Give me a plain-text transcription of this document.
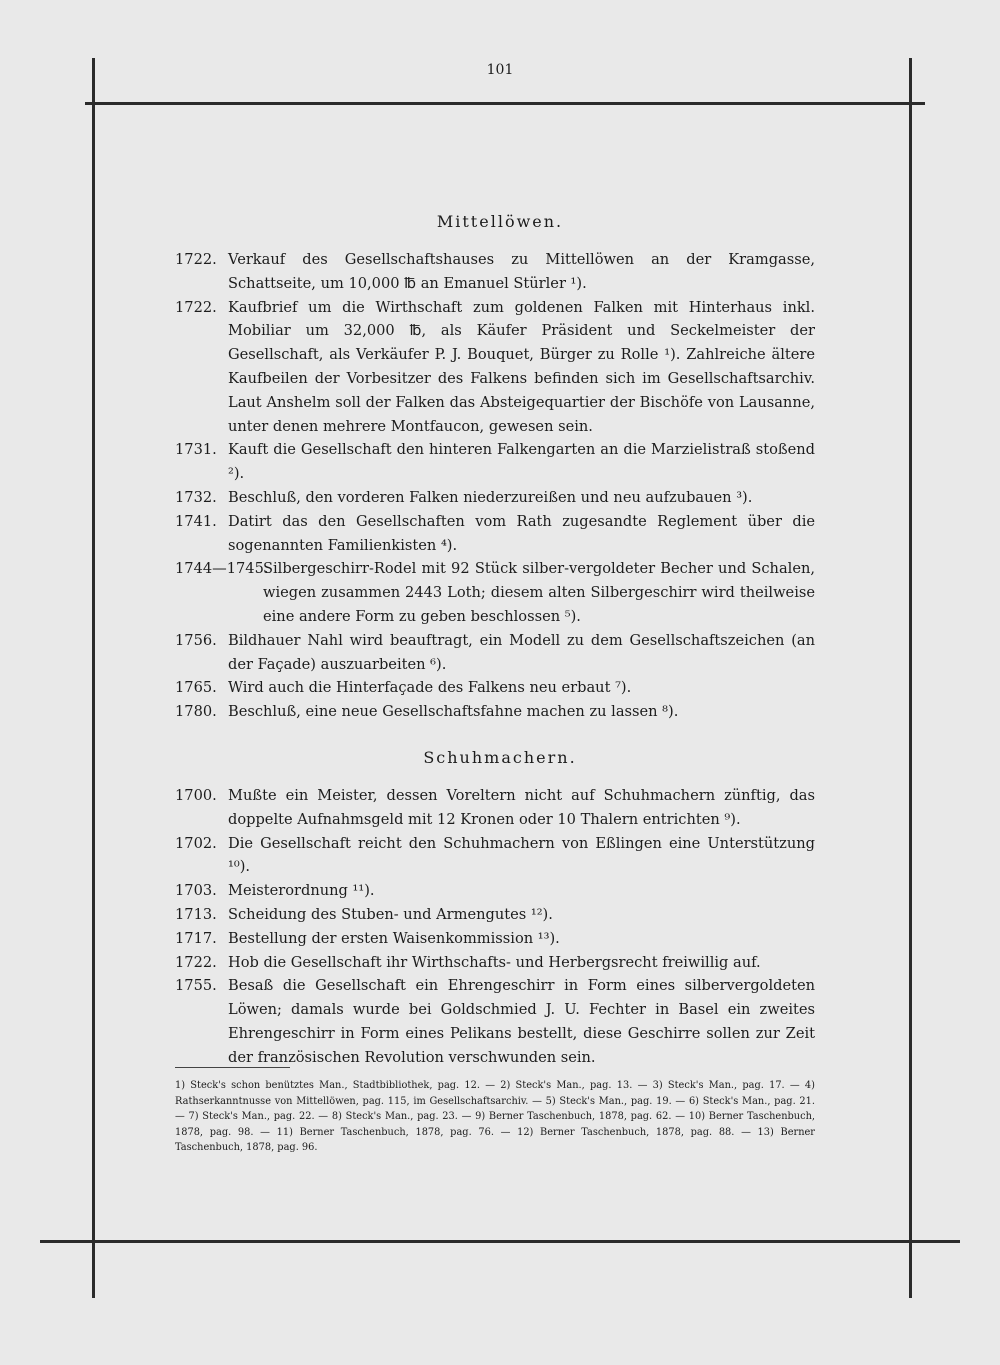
101
Mittellöwen.
1722. Verkauf des Gesellschaftshauses zu Mittellöwen an der Kramgasse, Schattseite, um 10,000 ℔ an Emanuel Stürler ¹).
1722. Kaufbrief um die Wirthschaft zum goldenen Falken mit Hinterhaus inkl. Mobiliar um 32,000 ℔, als Käufer Präsident und Seckelmeister der Gesellschaft, als Verkäufer P. J. Bouquet, Bürger zu Rolle ¹). Zahlreiche ältere Kaufbeilen der Vorbesitzer des Falkens befinden sich im Gesellschaftsarchiv. Laut Anshelm soll der Falken das Absteigequartier der Bischöfe von Lausanne, unter denen mehrere Montfaucon, gewesen sein.
1731. Kauft die Gesellschaft den hinteren Falkengarten an die Marzielistraß stoßend ²).
1732. Beschluß, den vorderen Falken niederzureißen und neu aufzubauen ³).
1741. Datirt das den Gesellschaften vom Rath zugesandte Reglement über die sogenannten Familienkisten ⁴).
1744—1745.
Silbergeschirr-Rodel mit 92 Stück silber-vergoldeter Becher und Schalen, wiegen zusammen 2443 Loth; diesem alten Silbergeschirr wird theilweise eine andere Form zu geben beschlossen ⁵).
1756. Bildhauer Nahl wird beauftragt, ein Modell zu dem Gesellschaftszeichen (an der Façade) auszuarbeiten ⁶).
1765. Wird auch die Hinterfaçade des Falkens neu erbaut ⁷).
1780. Beschluß, eine neue Gesellschaftsfahne machen zu lassen ⁸).
Schuhmachern.
1700. Mußte ein Meister, dessen Voreltern nicht auf Schuhmachern zünftig, das doppelte Aufnahmsgeld mit 12 Kronen oder 10 Thalern entrichten ⁹).
1702. Die Gesellschaft reicht den Schuhmachern von Eßlingen eine Unterstützung ¹⁰).
1703. Meisterordnung ¹¹).
1713. Scheidung des Stuben- und Armengutes ¹²).
1717. Bestellung der ersten Waisenkommission ¹³).
1722. Hob die Gesellschaft ihr Wirthschafts- und Herbergsrecht freiwillig auf.
1755. Besaß die Gesellschaft ein Ehrengeschirr in Form eines silbervergoldeten Löwen; damals wurde bei Goldschmied J. U. Fechter in Basel ein zweites Ehrengeschirr in Form eines Pelikans bestellt, diese Geschirre sollen zur Zeit der französischen Revolution verschwunden sein.
1) Steck's schon benütztes Man., Stadtbibliothek, pag. 12. — 2) Steck's Man., pag. 13. — 3) Steck's Man., pag. 17. — 4) Rathserkanntnusse von Mittellöwen, pag. 115, im Gesellschaftsarchiv. — 5) Steck's Man., pag. 19. — 6) Steck's Man., pag. 21. — 7) Steck's Man., pag. 22. — 8) Steck's Man., pag. 23. — 9) Berner Taschenbuch, 1878, pag. 62. — 10) Berner Taschenbuch, 1878, pag. 98. — 11) Berner Taschenbuch, 1878, pag. 76. — 12) Berner Taschenbuch, 1878, pag. 88. — 13) Berner Taschenbuch, 1878, pag. 96.
